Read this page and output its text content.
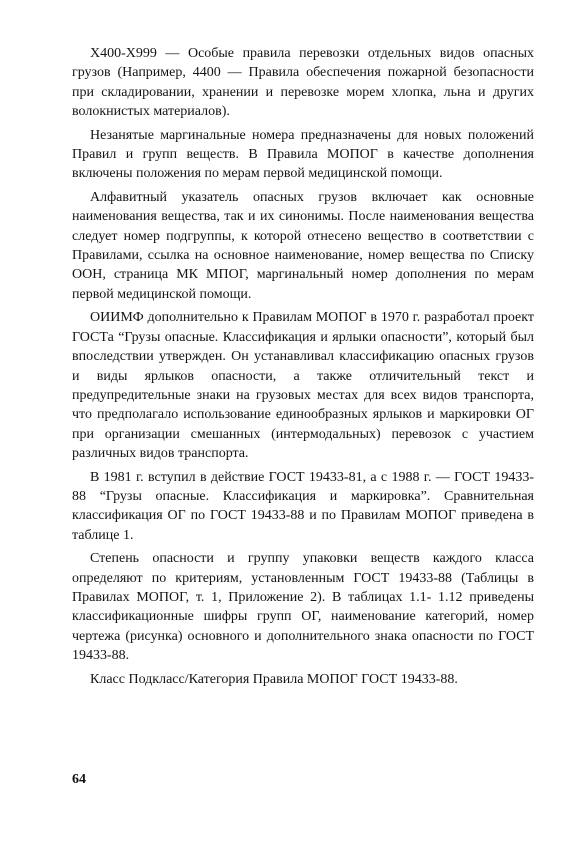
Х400-Х999 — Особые правила перевозки отдельных видов опасных грузов (Например, 4400 — Правила обеспечения пожарной безопасности при складировании, хранении и перевозке морем хлопка, льна и других волокнистых материалов).

Незанятые маргинальные номера предназначены для новых положений Правил и групп веществ. В Правила МОПОГ в качестве дополнения включены положения по мерам первой медицинской помощи.

Алфавитный указатель опасных грузов включает как основные наименования вещества, так и их синонимы. После наименования вещества следует номер подгруппы, к которой отнесено вещество в соответствии с Правилами, ссылка на основное наименование, номер вещества по Списку ООН, страница МК МПОГ, маргинальный номер дополнения по мерам первой медицинской помощи.

ОИИМФ дополнительно к Правилам МОПОГ в 1970 г. разработал проект ГОСТа “Грузы опасные. Классификация и ярлыки опасности”, который был впоследствии утвержден. Он устанавливал классификацию опасных грузов и виды ярлыков опасности, а также отличительный текст и предупредительные знаки на грузовых местах для всех видов транспорта, что предполагало использование единообразных ярлыков и маркировки ОГ при организации смешанных (интермодальных) перевозок с участием различных видов транспорта.

В 1981 г. вступил в действие ГОСТ 19433-81, а с 1988 г. — ГОСТ 19433-88 “Грузы опасные. Классификация и маркировка”. Сравнительная классификация ОГ по ГОСТ 19433-88 и по Правилам МОПОГ приведена в таблице 1.

Степень опасности и группу упаковки веществ каждого класса определяют по критериям, установленным ГОСТ 19433-88 (Таблицы в Правилах МОПОГ, т. 1, Приложение 2). В таблицах 1.1- 1.12 приведены классификационные шифры групп ОГ, наименование категорий, номер чертежа (рисунка) основного и дополнительного знака опасности по ГОСТ 19433-88.

Класс Подкласс/Категория Правила МОПОГ ГОСТ 19433-88.

64
